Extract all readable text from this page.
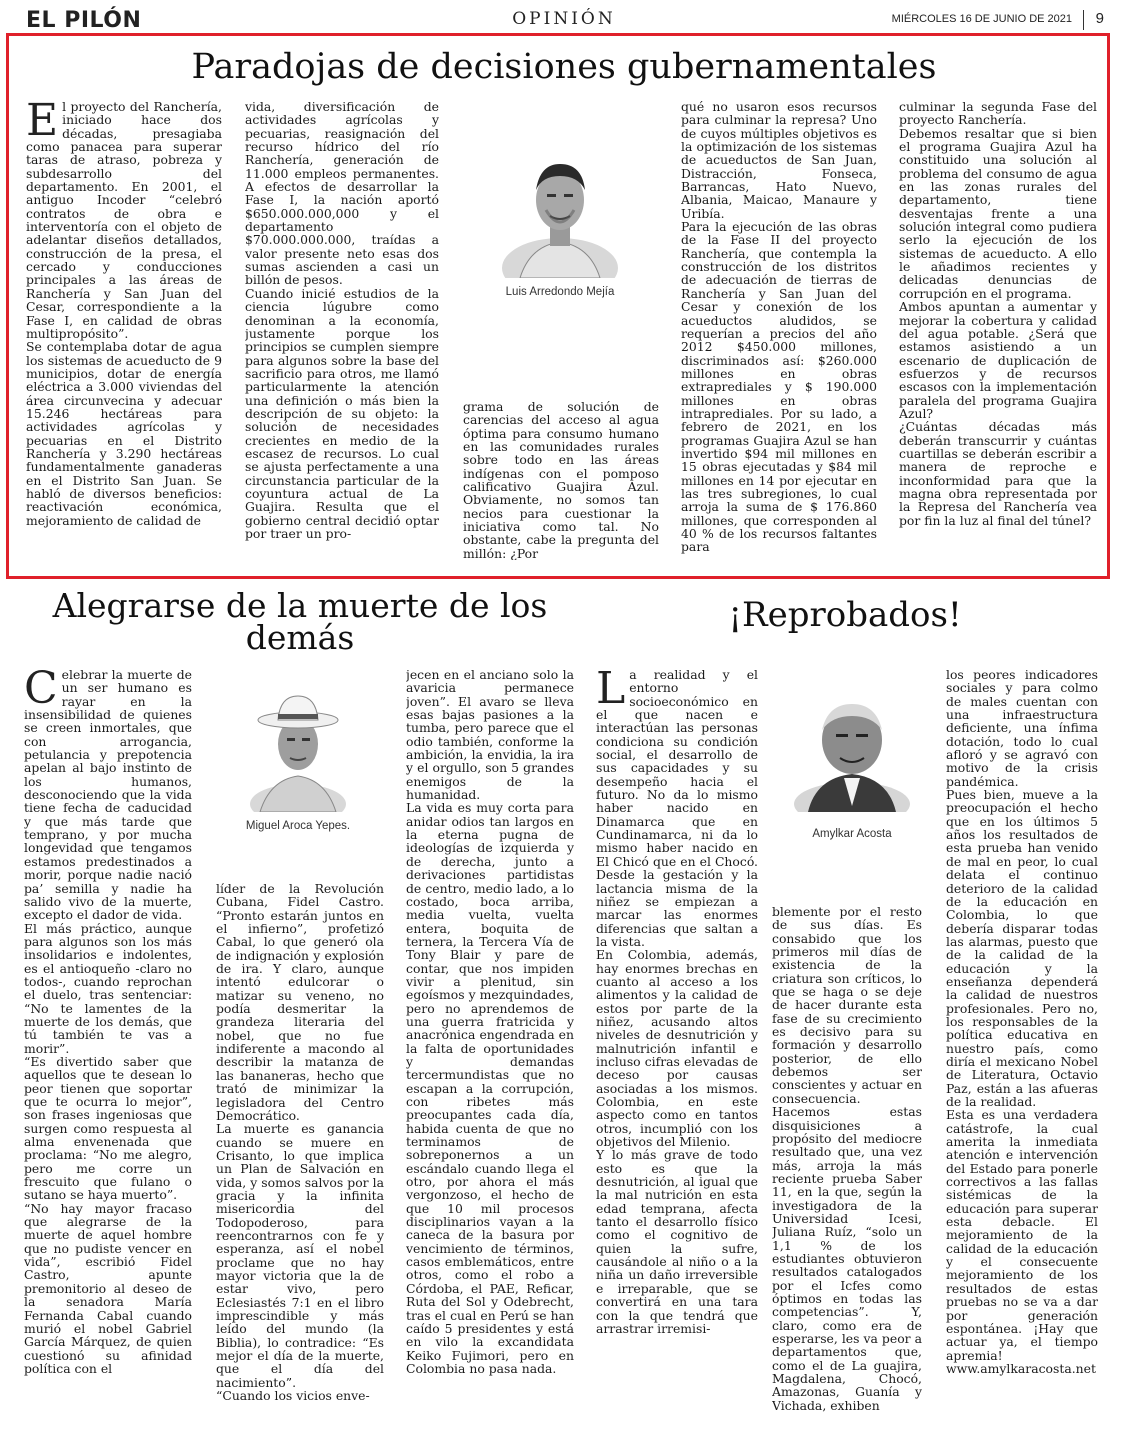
EL PILÓN	OPINIÓN	MIÉRCOLES 16 DE JUNIO DE 2021 9
Paradojas de decisiones gubernamentales
El proyecto del Ranchería, iniciado hace dos décadas, presagiaba como panacea para superar taras de atraso, pobreza y subdesarrollo del departamento. En 2001, el antiguo Incoder “celebró contratos de obra e interventoría con el objeto de adelantar diseños detallados, construcción de la presa, el cercado y conducciones principales a las áreas de Ranchería y San Juan del Cesar, correspondiente a la Fase I, en calidad de obras multipropósito”.
Se contemplaba dotar de agua los sistemas de acueducto de 9 municipios, dotar de energía eléctrica a 3.000 viviendas del área circunvecina y adecuar 15.246 hectáreas para actividades agrícolas y pecuarias en el Distrito Ranchería y 3.290 hectáreas fundamentalmente ganaderas en el Distrito San Juan. Se habló de diversos beneficios: reactivación económica, mejoramiento de calidad de
vida, diversificación de actividades agrícolas y pecuarias, reasignación del recurso hídrico del río Ranchería, generación de 11.000 empleos permanentes. A efectos de desarrollar la Fase I, la nación aportó $650.000.000,000 y el departamento $70.000.000.000, traídas a valor presente neto esas dos sumas ascienden a casi un billón de pesos.
Cuando inicié estudios de la ciencia lúgubre como denominan a la economía, justamente porque los principios se cumplen siempre para algunos sobre la base del sacrificio para otros, me llamó particularmente la atención una definición o más bien la descripción de su objeto: la solución de necesidades crecientes en medio de la escasez de recursos. Lo cual se ajusta perfectamente a una circunstancia particular de la coyuntura actual de La Guajira. Resulta que el gobierno central decidió optar por traer un pro-
Luis Arredondo Mejía
grama de solución de carencias del acceso al agua óptima para consumo humano en las comunidades rurales sobre todo en las áreas indígenas con el pomposo calificativo Guajira Azul. Obviamente, no somos tan necios para cuestionar la iniciativa como tal. No obstante, cabe la pregunta del millón: ¿Por
qué no usaron esos recursos para culminar la represa? Uno de cuyos múltiples objetivos es la optimización de los sistemas de acueductos de San Juan, Distracción, Fonseca, Barrancas, Hato Nuevo, Albania, Maicao, Manaure y Uribía.
Para la ejecución de las obras de la Fase II del proyecto Ranchería, que contempla la construcción de los distritos de adecuación de tierras de Ranchería y San Juan del Cesar y conexión de los acueductos aludidos, se requerían a precios del año 2012 $450.000 millones, discriminados así: $260.000 millones en obras extraprediales y $ 190.000 millones en obras intraprediales. Por su lado, a febrero de 2021, en los programas Guajira Azul se han invertido $94 mil millones en 15 obras ejecutadas y $84 mil millones en 14 por ejecutar en las tres subregiones, lo cual arroja la suma de $ 176.860 millones, que corresponden al 40 % de los recursos faltantes para
culminar la segunda Fase del proyecto Ranchería.
Debemos resaltar que si bien el programa Guajira Azul ha constituido una solución al problema del consumo de agua en las zonas rurales del departamento, tiene desventajas frente a una solución integral como pudiera serlo la ejecución de los sistemas de acueducto. A ello le añadimos recientes y delicadas denuncias de corrupción en el programa.
Ambos apuntan a aumentar y mejorar la cobertura y calidad del agua potable. ¿Será que estamos asistiendo a un escenario de duplicación de esfuerzos y de recursos escasos con la implementación paralela del programa Guajira Azul?
¿Cuántas décadas más deberán transcurrir y cuántas cuartillas se deberán escribir a manera de reproche e inconformidad para que la magna obra representada por la Represa del Ranchería vea por fin la luz al final del túnel?
Alegrarse de la muerte de los
demás
Celebrar la muerte de un ser humano es rayar en la insensibilidad de quienes se creen inmortales, que con arrogancia, petulancia y prepotencia apelan al bajo instinto de los humanos, desconociendo que la vida tiene fecha de caducidad y que más tarde que temprano, y por mucha longevidad que tengamos estamos predestinados a morir, porque nadie nació pa’ semilla y nadie ha salido vivo de la muerte, excepto el dador de vida.
El más práctico, aunque para algunos son los más insolidarios e indolentes, es el antioqueño -claro no todos-, cuando reprochan el duelo, tras sentenciar: “No te lamentes de la muerte de los demás, que tú también te vas a morir”.
“Es divertido saber que aquellos que te desean lo peor tienen que soportar que te ocurra lo mejor”, son frases ingeniosas que surgen como respuesta al alma envenenada que proclama: “No me alegro, pero me corre un frescuito que fulano o sutano se haya muerto”.
“No hay mayor fracaso que alegrarse de la muerte de aquel hombre que no pudiste vencer en vida”, escribió Fidel Castro, apunte premonitorio al deseo de la senadora María Fernanda Cabal cuando murió el nobel Gabriel García Márquez, de quien cuestionó su afinidad política con el
Miguel Aroca Yepes.
líder de la Revolución Cubana, Fidel Castro. “Pronto estarán juntos en el infierno”, profetizó Cabal, lo que generó ola de indignación y explosión de ira. Y claro, aunque intentó edulcorar o matizar su veneno, no podía desmeritar la grandeza literaria del nobel, que no fue indiferente a macondo al describir la matanza de las bananeras, hecho que trató de minimizar la legisladora del Centro Democrático.
La muerte es ganancia cuando se muere en Crisanto, lo que implica un Plan de Salvación en vida, y somos salvos por la gracia y la infinita misericordia del Todopoderoso, para reencontrarnos con fe y esperanza, así el nobel proclame que no hay mayor victoria que la de estar vivo, pero Eclesiastés 7:1 en el libro imprescindible y más leído del mundo (la Biblia), lo contradice: “Es mejor el día de la muerte, que el día del nacimiento”.
“Cuando los vicios enve-
jecen en el anciano solo la avaricia permanece joven”. El avaro se lleva esas bajas pasiones a la tumba, pero parece que el odio también, conforme la ambición, la envidia, la ira y el orgullo, son 5 grandes enemigos de la humanidad.
La vida es muy corta para anidar odios tan largos en la eterna pugna de ideologías de izquierda y de derecha, junto a derivaciones partidistas de centro, medio lado, a lo costado, boca arriba, media vuelta, vuelta entera, boquita de ternera, la Tercera Vía de Tony Blair y pare de contar, que nos impiden vivir a plenitud, sin egoísmos y mezquindades, pero no aprendemos de una guerra fratricida y anacrónica engendrada en la falta de oportunidades y demandas tercermundistas que no escapan a la corrupción, con ribetes más preocupantes cada día, habida cuenta de que no terminamos de sobreponernos a un escándalo cuando llega el otro, por ahora el más vergonzoso, el hecho de que 10 mil procesos disciplinarios vayan a la caneca de la basura por vencimiento de términos, casos emblemáticos, entre otros, como el robo a Córdoba, el PAE, Reficar, Ruta del Sol y Odebrecht, tras el cual en Perú se han caído 5 presidentes y está en vilo la excandidata Keiko Fujimori, pero en Colombia no pasa nada.
¡Reprobados!
La realidad y el entorno socioeconómico en el que nacen e interactúan las personas condiciona su condición social, el desarrollo de sus capacidades y su desempeño hacia el futuro. No da lo mismo haber nacido en Dinamarca que en Cundinamarca, ni da lo mismo haber nacido en El Chicó que en el Chocó. Desde la gestación y la lactancia misma de la niñez se empiezan a marcar las enormes diferencias que saltan a la vista.
En Colombia, además, hay enormes brechas en cuanto al acceso a los alimentos y la calidad de estos por parte de la niñez, acusando altos niveles de desnutrición y malnutrición infantil e incluso cifras elevadas de deceso por causas asociadas a los mismos. Colombia, en este aspecto como en tantos otros, incumplió con los objetivos del Milenio.
Y lo más grave de todo esto es que la desnutrición, al igual que la mal nutrición en esta edad temprana, afecta tanto el desarrollo físico como el cognitivo de quien la sufre, causándole al niño o a la niña un daño irreversible e irreparable, que se convertirá en una tara con la que tendrá que arrastrar irremisi-
Amylkar Acosta
blemente por el resto de sus días. Es consabido que los primeros mil días de existencia de la criatura son críticos, lo que se haga o se deje de hacer durante esta fase de su crecimiento es decisivo para su formación y desarrollo posterior, de ello debemos ser conscientes y actuar en consecuencia.
Hacemos estas disquisiciones a propósito del mediocre resultado que, una vez más, arroja la más reciente prueba Saber 11, en la que, según la investigadora de la Universidad Icesi, Juliana Ruíz, “solo un 1,1 % de los estudiantes obtuvieron resultados catalogados por el Icfes como óptimos en todas las competencias”. Y, claro, como era de esperarse, les va peor a departamentos que, como el de La guajira, Magdalena, Chocó, Amazonas, Guanía y Vichada, exhiben
los peores indicadores sociales y para colmo de males cuentan con una infraestructura deficiente, una ínfima dotación, todo lo cual afloró y se agravó con motivo de la crisis pandémica.
Pues bien, mueve a la preocupación el hecho que en los últimos 5 años los resultados de esta prueba han venido de mal en peor, lo cual delata el continuo deterioro de la calidad de la educación en Colombia, lo que debería disparar todas las alarmas, puesto que de la calidad de la educación y la enseñanza dependerá la calidad de nuestros profesionales. Pero no, los responsables de la política educativa en nuestro país, como diría el mexicano Nobel de Literatura, Octavio Paz, están a las afueras de la realidad.
Esta es una verdadera catástrofe, la cual amerita la inmediata atención e intervención del Estado para ponerle correctivos a las fallas sistémicas de la educación para superar esta debacle. El mejoramiento de la calidad de la educación y el consecuente mejoramiento de los resultados de estas pruebas no se va a dar por generación espontánea. ¡Hay que actuar ya, el tiempo apremia!
www.amylkaracosta.net
